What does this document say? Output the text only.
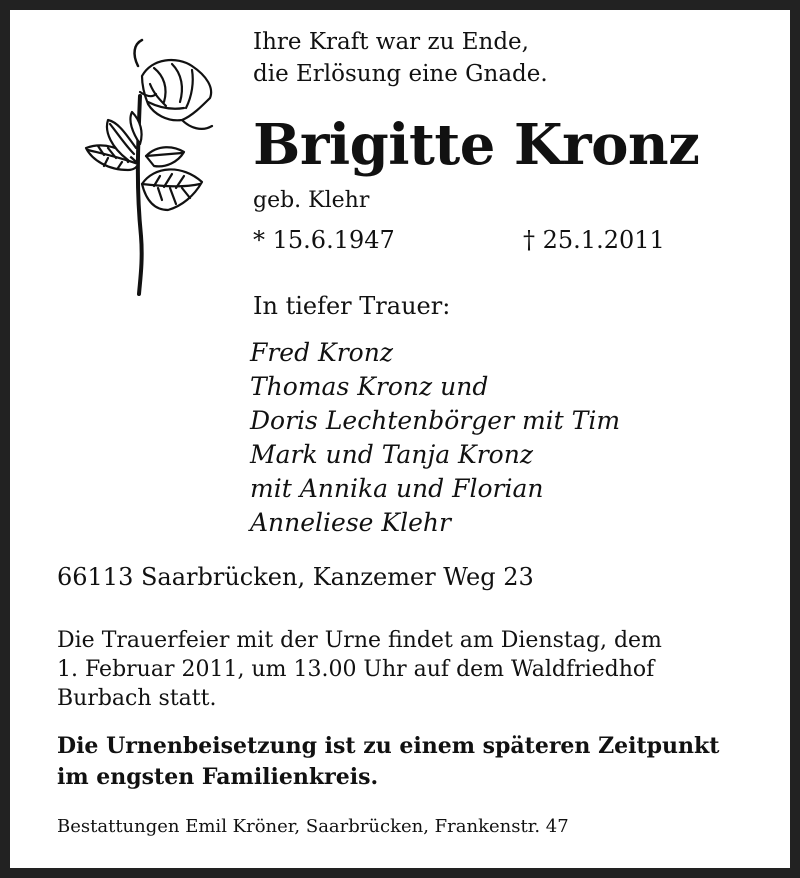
Ihre Kraft war zu Ende,
die Erlösung eine Gnade.
Brigitte Kronz
geb. Klehr
* 15.6.1947	† 25.1.2011
In tiefer Trauer:
Fred Kronz
Thomas Kronz und
Doris Lechtenbörger mit Tim
Mark und Tanja Kronz
mit Annika und Florian
Anneliese Klehr
66113 Saarbrücken, Kanzemer Weg 23
Die Trauerfeier mit der Urne findet am Dienstag, dem
1. Februar 2011, um 13.00 Uhr auf dem Waldfriedhof
Burbach statt.
Die Urnenbeisetzung ist zu einem späteren Zeitpunkt
im engsten Familienkreis.
Bestattungen Emil Kröner, Saarbrücken, Frankenstr. 47
